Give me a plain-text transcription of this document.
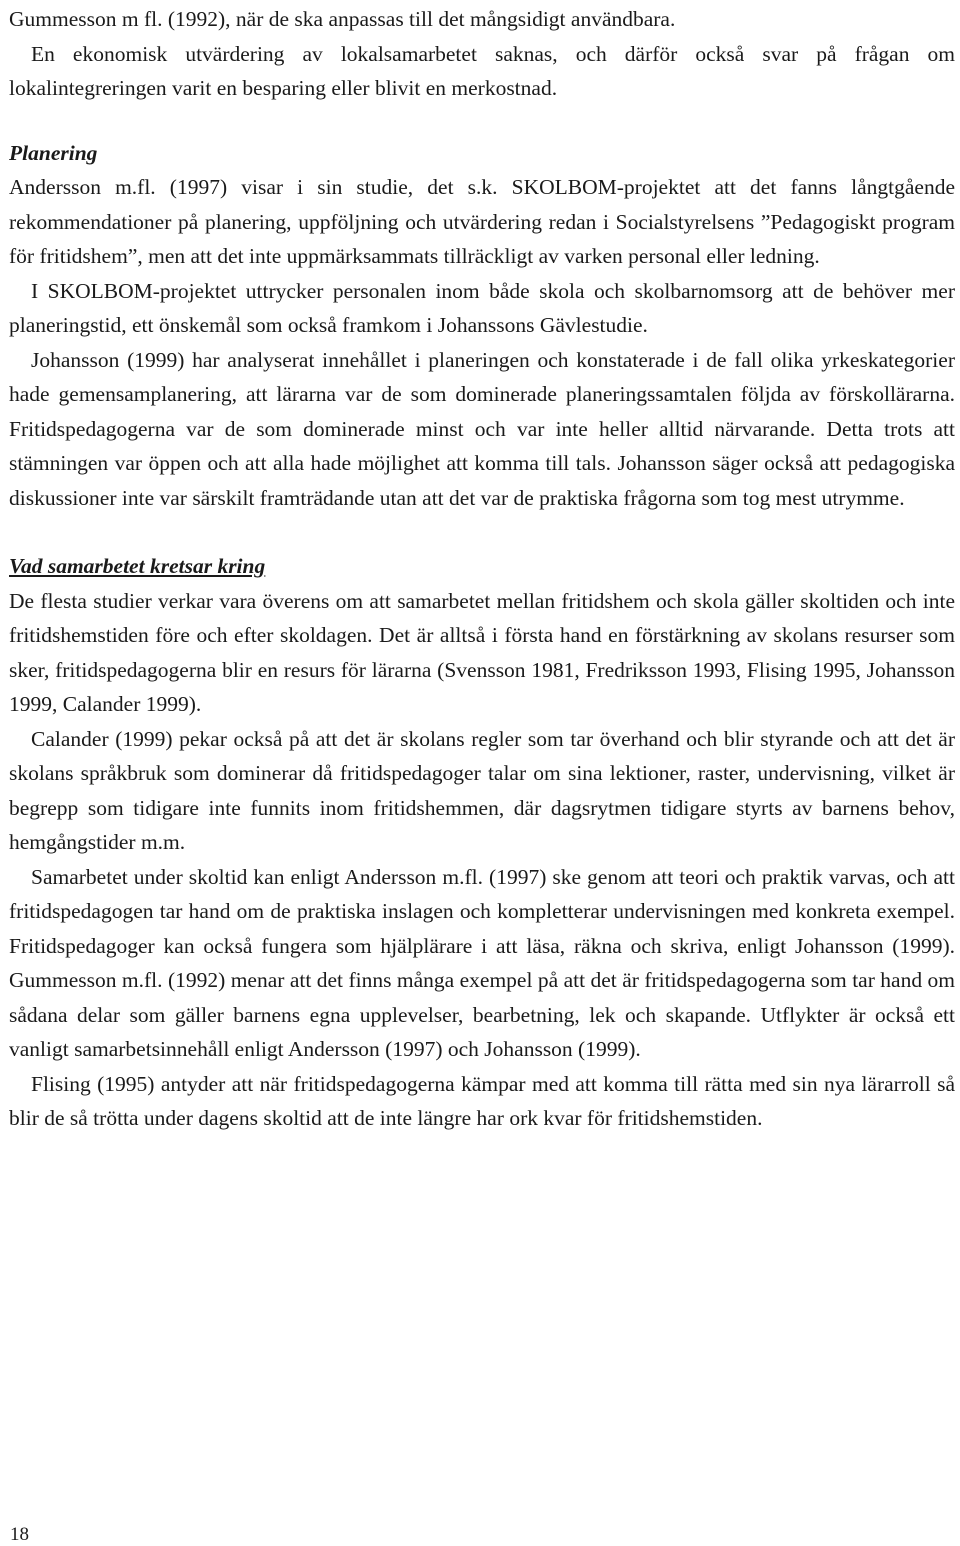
Gummesson m fl. (1992), när de ska anpassas till det mångsidigt användbara.

En ekonomisk utvärdering av lokalsamarbetet saknas, och därför också svar på frågan om lokalintegreringen varit en besparing eller blivit en merkostnad.

Planering

Andersson m.fl. (1997) visar i sin studie, det s.k. SKOLBOM-projektet att det fanns långtgående rekommendationer på planering, uppföljning och utvärdering redan i Socialstyrelsens ”Pedagogiskt program för fritidshem”, men att det inte uppmärksammats tillräckligt av varken personal eller ledning.

I SKOLBOM-projektet uttrycker personalen inom både skola och skolbarnomsorg att de behöver mer planeringstid, ett önskemål som också framkom i Johanssons Gävlestudie.

Johansson (1999) har analyserat innehållet i planeringen och konstaterade i de fall olika yrkeskategorier hade gemensamplanering, att lärarna var de som dominerade planeringssamtalen följda av förskollärarna. Fritidspedagogerna var de som dominerade minst och var inte heller alltid närvarande. Detta trots att stämningen var öppen och att alla hade möjlighet att komma till tals. Johansson säger också att pedagogiska diskussioner inte var särskilt framträdande utan att det var de praktiska frågorna som tog mest utrymme.

Vad samarbetet kretsar kring

De flesta studier verkar vara överens om att samarbetet mellan fritidshem och skola gäller skoltiden och inte fritidshemstiden före och efter skoldagen. Det är alltså i första hand en förstärkning av skolans resurser som sker, fritidspedagogerna blir en resurs för lärarna (Svensson 1981, Fredriksson 1993, Flising 1995, Johansson 1999, Calander 1999).

Calander (1999) pekar också på att det är skolans regler som tar överhand och blir styrande och att det är skolans språkbruk som dominerar då fritidspedagoger talar om sina lektioner, raster, undervisning, vilket är begrepp som tidigare inte funnits inom fritidshemmen, där dagsrytmen tidigare styrts av barnens behov, hemgångstider m.m.

Samarbetet under skoltid kan enligt Andersson m.fl. (1997) ske genom att teori och praktik varvas, och att fritidspedagogen tar hand om de praktiska inslagen och kompletterar undervisningen med konkreta exempel. Fritidspedagoger kan också fungera som hjälplärare i att läsa, räkna och skriva, enligt Johansson (1999). Gummesson m.fl. (1992) menar att det finns många exempel på att det är fritidspedagogerna som tar hand om sådana delar som gäller barnens egna upplevelser, bearbetning, lek och skapande. Utflykter är också ett vanligt samarbetsinnehåll enligt Andersson (1997) och Johansson (1999).

Flising (1995) antyder att när fritidspedagogerna kämpar med att komma till rätta med sin nya lärarroll så blir de så trötta under dagens skoltid att de inte längre har ork kvar för fritidshemstiden.

18
